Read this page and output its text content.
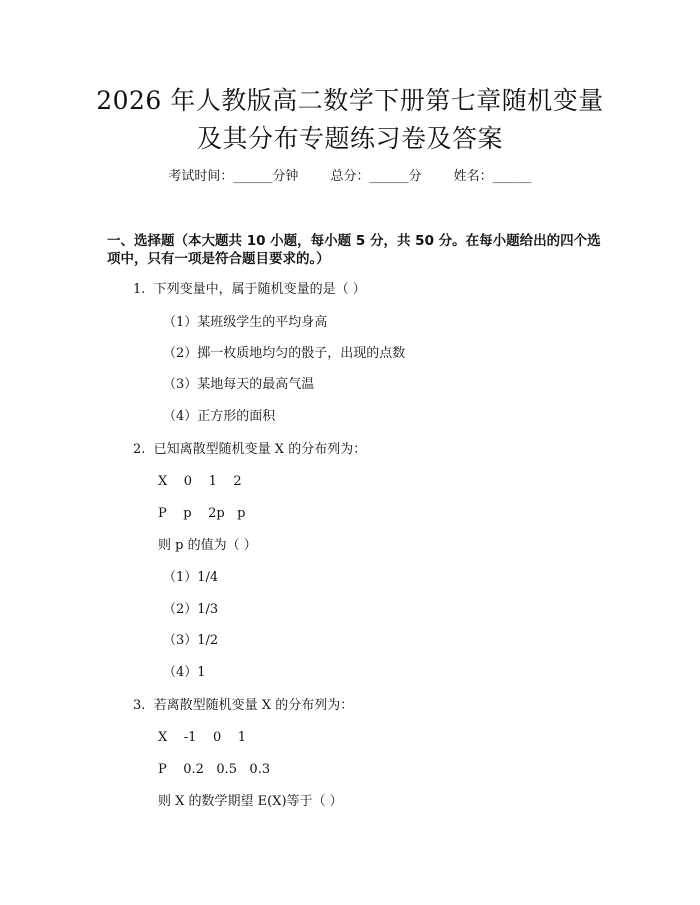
2026 年人教版高二数学下册第七章随机变量
及其分布专题练习卷及答案
考试时间：______分钟 总分：______分 姓名：______
一、选择题（本大题共 10 小题，每小题 5 分，共 50 分。在每小题给出的四个选
项中，只有一项是符合题目要求的。）
1.  下列变量中，属于随机变量的是（ ）
（1）某班级学生的平均身高
（2）掷一枚质地均匀的骰子，出现的点数
（3）某地每天的最高气温
（4）正方形的面积
2.  已知离散型随机变量 X 的分布列为：
X    0    1    2
P    p    2p   p
则 p 的值为（ ）
（1）1/4
（2）1/3
（3）1/2
（4）1
3.  若离散型随机变量 X 的分布列为：
X    -1    0    1
P    0.2   0.5   0.3
则 X 的数学期望 E(X)等于（ ）
